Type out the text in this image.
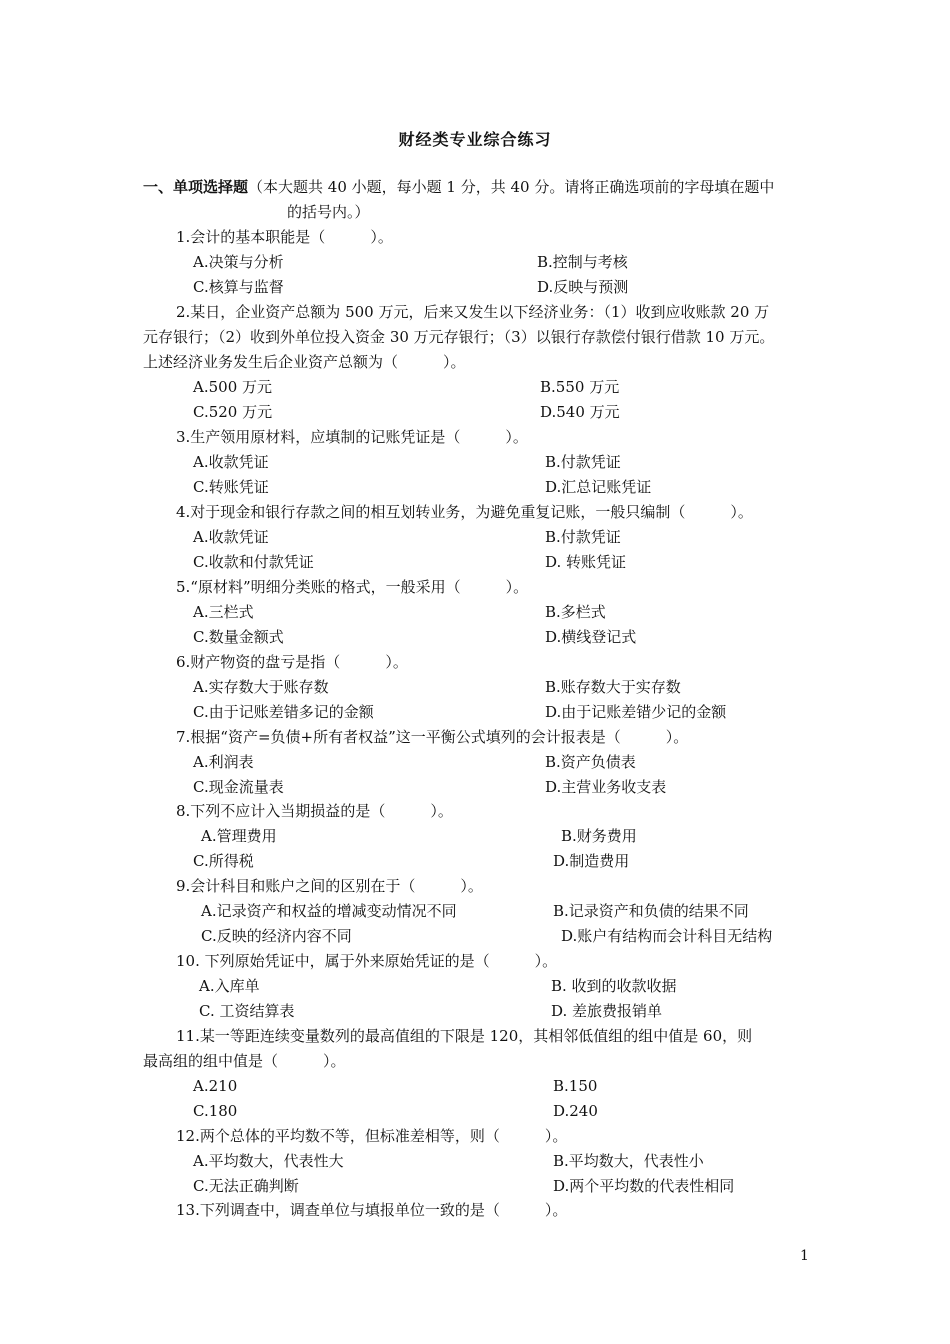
财经类专业综合练习
一、单项选择题（本大题共 40 小题，每小题 1 分，共 40 分。请将正确选项前的字母填在题中
的括号内。）
1.会计的基本职能是（　　　）。
A.决策与分析	B.控制与考核
C.核算与监督	D.反映与预测
2.某日，企业资产总额为 500 万元，后来又发生以下经济业务：（1）收到应收账款 20 万
元存银行；（2）收到外单位投入资金 30 万元存银行；（3）以银行存款偿付银行借款 10 万元。
上述经济业务发生后企业资产总额为（　　　）。
A.500 万元	B.550 万元
C.520 万元	D.540 万元
3.生产领用原材料，应填制的记账凭证是（　　　）。
A.收款凭证	B.付款凭证
C.转账凭证	D.汇总记账凭证
4.对于现金和银行存款之间的相互划转业务，为避免重复记账，一般只编制（　　　）。
A.收款凭证	B.付款凭证
C.收款和付款凭证	D. 转账凭证
5.“原材料”明细分类账的格式，一般采用（　　　）。
A.三栏式	B.多栏式
C.数量金额式	D.横线登记式
6.财产物资的盘亏是指（　　　）。
A.实存数大于账存数	B.账存数大于实存数
C.由于记账差错多记的金额	D.由于记账差错少记的金额
7.根据“资产=负债+所有者权益”这一平衡公式填列的会计报表是（　　　）。
A.利润表	B.资产负债表
C.现金流量表	D.主营业务收支表
8.下列不应计入当期损益的是（　　　）。
A.管理费用	B.财务费用
C.所得税	D.制造费用
9.会计科目和账户之间的区别在于（　　　）。
A.记录资产和权益的增减变动情况不同	B.记录资产和负债的结果不同
C.反映的经济内容不同	D.账户有结构而会计科目无结构
10. 下列原始凭证中，属于外来原始凭证的是（　　　）。
A.入库单	B. 收到的收款收据
C. 工资结算表	D. 差旅费报销单
11.某一等距连续变量数列的最高值组的下限是 120，其相邻低值组的组中值是 60，则
最高组的组中值是（　　　）。
A.210	B.150
C.180	D.240
12.两个总体的平均数不等，但标准差相等，则（　　　）。
A.平均数大，代表性大	B.平均数大，代表性小
C.无法正确判断	D.两个平均数的代表性相同
13.下列调查中，调查单位与填报单位一致的是（　　　）。
1
